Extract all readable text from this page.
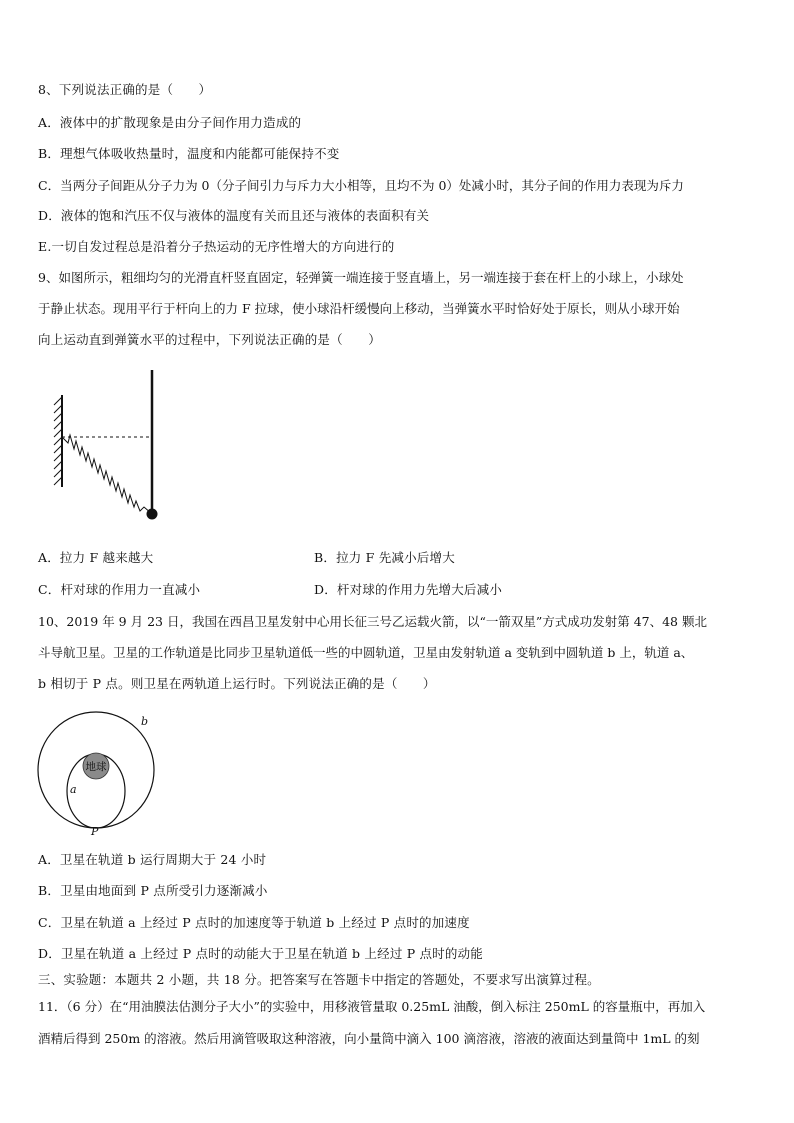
8、下列说法正确的是（　　）
A．液体中的扩散现象是由分子间作用力造成的
B．理想气体吸收热量时，温度和内能都可能保持不变
C．当两分子间距从分子力为 0（分子间引力与斥力大小相等，且均不为 0）处减小时，其分子间的作用力表现为斥力
D．液体的饱和汽压不仅与液体的温度有关而且还与液体的表面积有关
E.一切自发过程总是沿着分子热运动的无序性增大的方向进行的
9、如图所示，粗细均匀的光滑直杆竖直固定，轻弹簧一端连接于竖直墙上，另一端连接于套在杆上的小球上，小球处
于静止状态。现用平行于杆向上的力 F 拉球，使小球沿杆缓慢向上移动，当弹簧水平时恰好处于原长，则从小球开始
向上运动直到弹簧水平的过程中，下列说法正确的是（　　）
A．拉力 F 越来越大	B．拉力 F 先减小后增大
C．杆对球的作用力一直减小	D．杆对球的作用力先增大后减小
10、2019 年 9 月 23 日，我国在西昌卫星发射中心用长征三号乙运载火箭，以“一箭双星”方式成功发射第 47、48 颗北
斗导航卫星。卫星的工作轨道是比同步卫星轨道低一些的中圆轨道，卫星由发射轨道 a 变轨到中圆轨道 b 上，轨道 a、
b 相切于 P 点。则卫星在两轨道上运行时。下列说法正确的是（　　）
地球
a
b
P
A．卫星在轨道 b 运行周期大于 24 小时
B．卫星由地面到 P 点所受引力逐渐减小
C．卫星在轨道 a 上经过 P 点时的加速度等于轨道 b 上经过 P 点时的加速度
D．卫星在轨道 a 上经过 P 点时的动能大于卫星在轨道 b 上经过 P 点时的动能
三、实验题：本题共 2 小题，共 18 分。把答案写在答题卡中指定的答题处，不要求写出演算过程。
11．（6 分）在“用油膜法估测分子大小”的实验中，用移液管量取 0.25mL 油酸，倒入标注 250mL 的容量瓶中，再加入
酒精后得到 250m 的溶液。然后用滴管吸取这种溶液，向小量筒中滴入 100 滴溶液，溶液的液面达到量筒中 1mL 的刻
